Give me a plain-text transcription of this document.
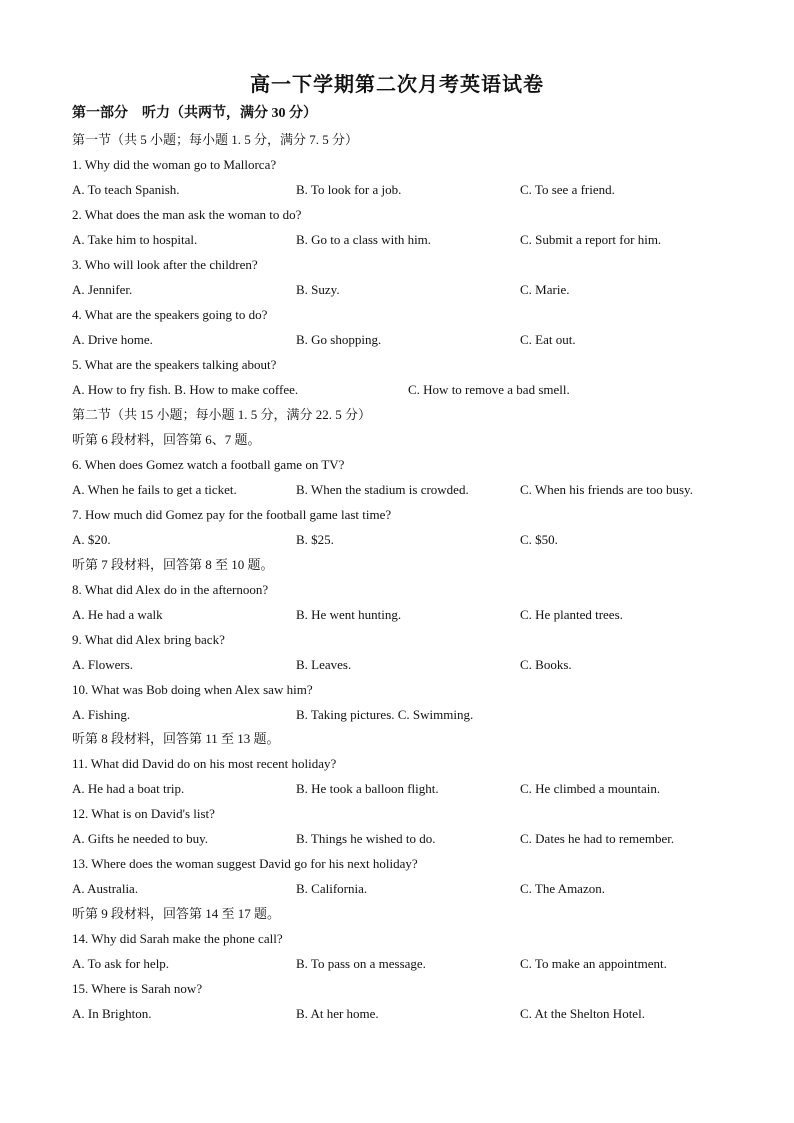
高一下学期第二次月考英语试卷
第一部分　听力（共两节，满分 30 分）
第一节（共 5 小题；每小题 1. 5 分，满分 7. 5 分）
1. Why did the woman go to Mallorca?
A. To teach Spanish.	B. To look for a job.	C. To see a friend.
2. What does the man ask the woman to do?
A. Take him to hospital.	B. Go to a class with him.	C. Submit a report for him.
3. Who will look after the children?
A. Jennifer.	B. Suzy.	C. Marie.
4. What are the speakers going to do?
A. Drive home.	B. Go shopping.	C. Eat out.
5. What are the speakers talking about?
A. How to fry fish. B. How to make coffee.	C. How to remove a bad smell.
第二节（共 15 小题；每小题 1. 5 分，满分 22. 5 分）
听第 6 段材料，回答第 6、7 题。
6. When does Gomez watch a football game on TV?
A. When he fails to get a ticket.	B. When the stadium is crowded.	C. When his friends are too busy.
7. How much did Gomez pay for the football game last time?
A. $20.	B. $25.	C. $50.
听第 7 段材料，回答第 8 至 10 题。
8. What did Alex do in the afternoon?
A. He had a walk	B. He went hunting.	C. He planted trees.
9. What did Alex bring back?
A. Flowers.	B. Leaves.	C. Books.
10. What was Bob doing when Alex saw him?
A. Fishing.	B. Taking pictures. C. Swimming.
听第 8 段材料，回答第 11 至 13 题。
11. What did David do on his most recent holiday?
A. He had a boat trip.	B. He took a balloon flight.	C. He climbed a mountain.
12. What is on David's list?
A. Gifts he needed to buy.	B. Things he wished to do.	C. Dates he had to remember.
13. Where does the woman suggest David go for his next holiday?
A. Australia.	B. California.	C. The Amazon.
听第 9 段材料，回答第 14 至 17 题。
14. Why did Sarah make the phone call?
A. To ask for help.	B. To pass on a message.	C. To make an appointment.
15. Where is Sarah now?
A. In Brighton.	B. At her home.	C. At the Shelton Hotel.
